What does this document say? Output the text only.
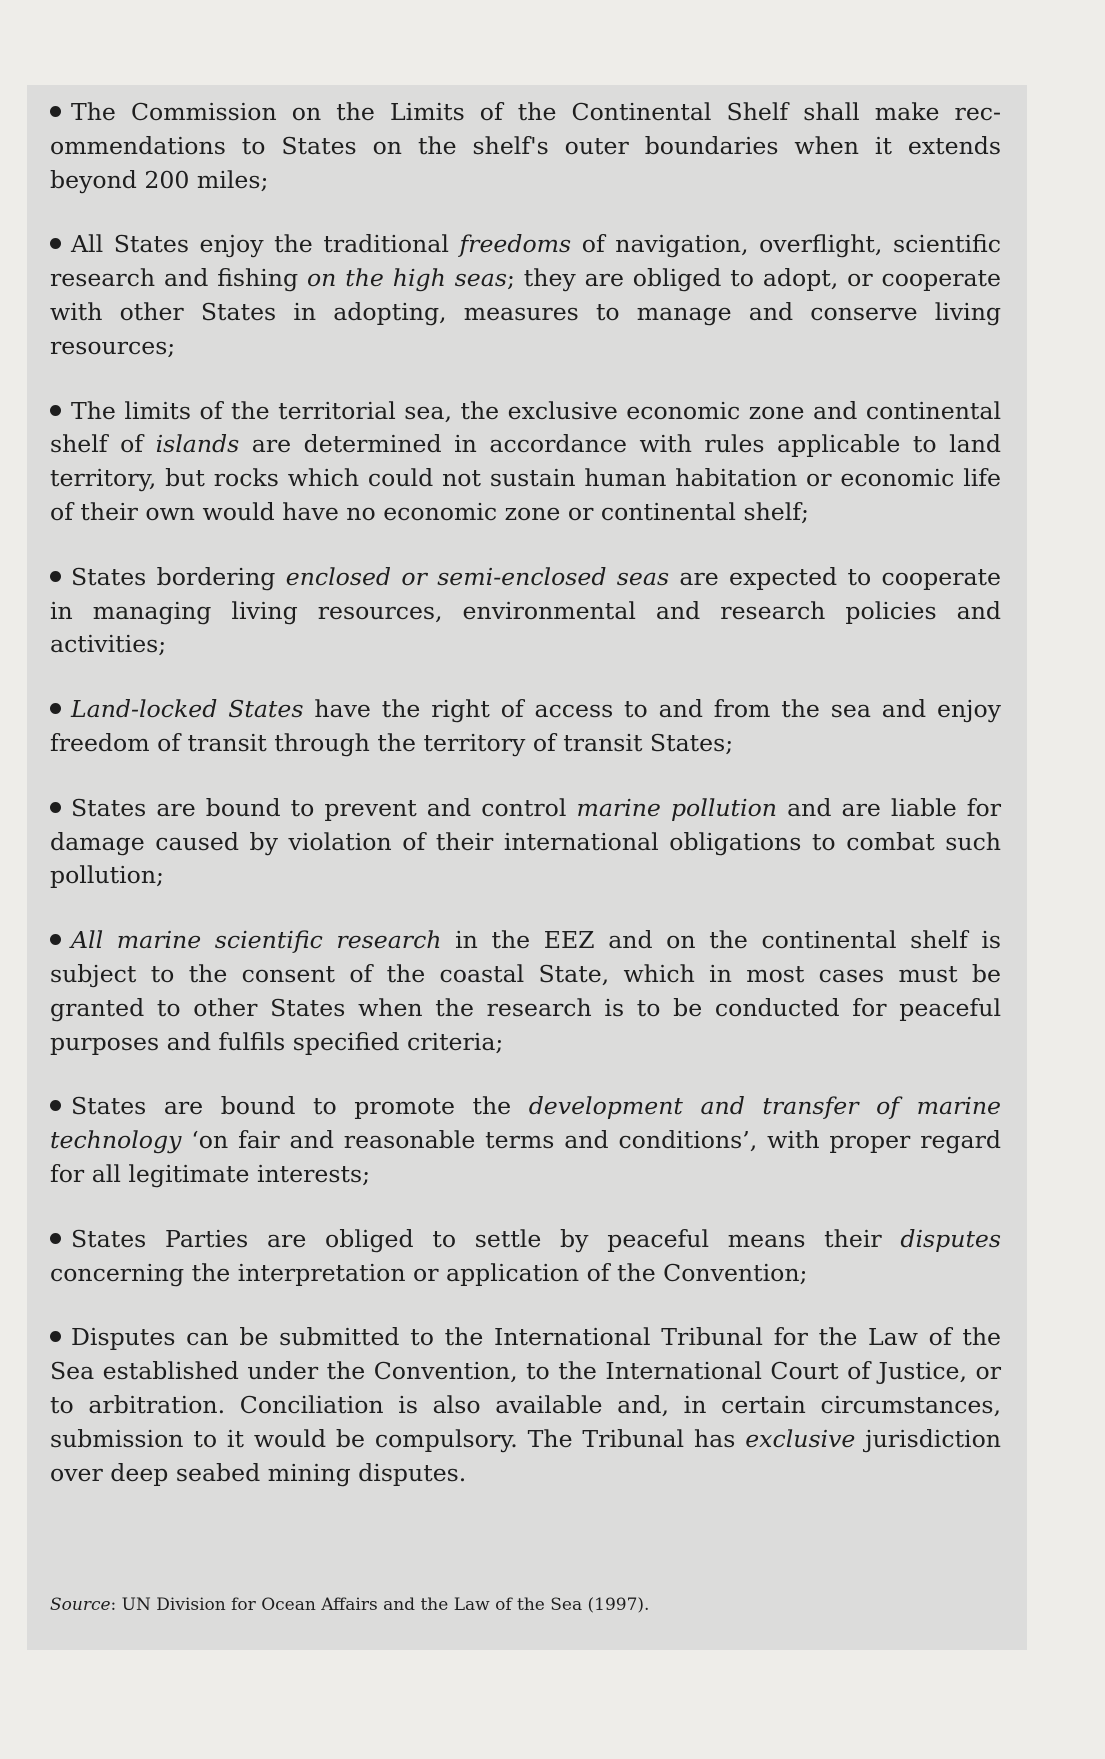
The Commission on the Limits of the Continental Shelf shall make recommendations to States on the shelf's outer boundaries when it extends beyond 200 miles;

All States enjoy the traditional freedoms of navigation, overflight, scientific research and fishing on the high seas; they are obliged to adopt, or cooperate with other States in adopting, measures to manage and conserve living resources;

The limits of the territorial sea, the exclusive economic zone and continental shelf of islands are determined in accordance with rules applicable to land territory, but rocks which could not sustain human habitation or economic life of their own would have no economic zone or continental shelf;

States bordering enclosed or semi-enclosed seas are expected to cooperate in managing living resources, environmental and research policies and activities;

Land-locked States have the right of access to and from the sea and enjoy freedom of transit through the territory of transit States;

States are bound to prevent and control marine pollution and are liable for damage caused by violation of their international obligations to combat such pollution;

All marine scientific research in the EEZ and on the continental shelf is subject to the consent of the coastal State, which in most cases must be granted to other States when the research is to be conducted for peaceful purposes and fulfils specified criteria;

States are bound to promote the development and transfer of marine technology ‘on fair and reasonable terms and conditions’, with proper regard for all legitimate interests;

States Parties are obliged to settle by peaceful means their disputes concerning the interpretation or application of the Convention;

Disputes can be submitted to the International Tribunal for the Law of the Sea established under the Convention, to the International Court of Justice, or to arbitration. Conciliation is also available and, in certain circumstances, submission to it would be compulsory. The Tribunal has exclusive jurisdiction over deep seabed mining disputes.

Source: UN Division for Ocean Affairs and the Law of the Sea (1997).
